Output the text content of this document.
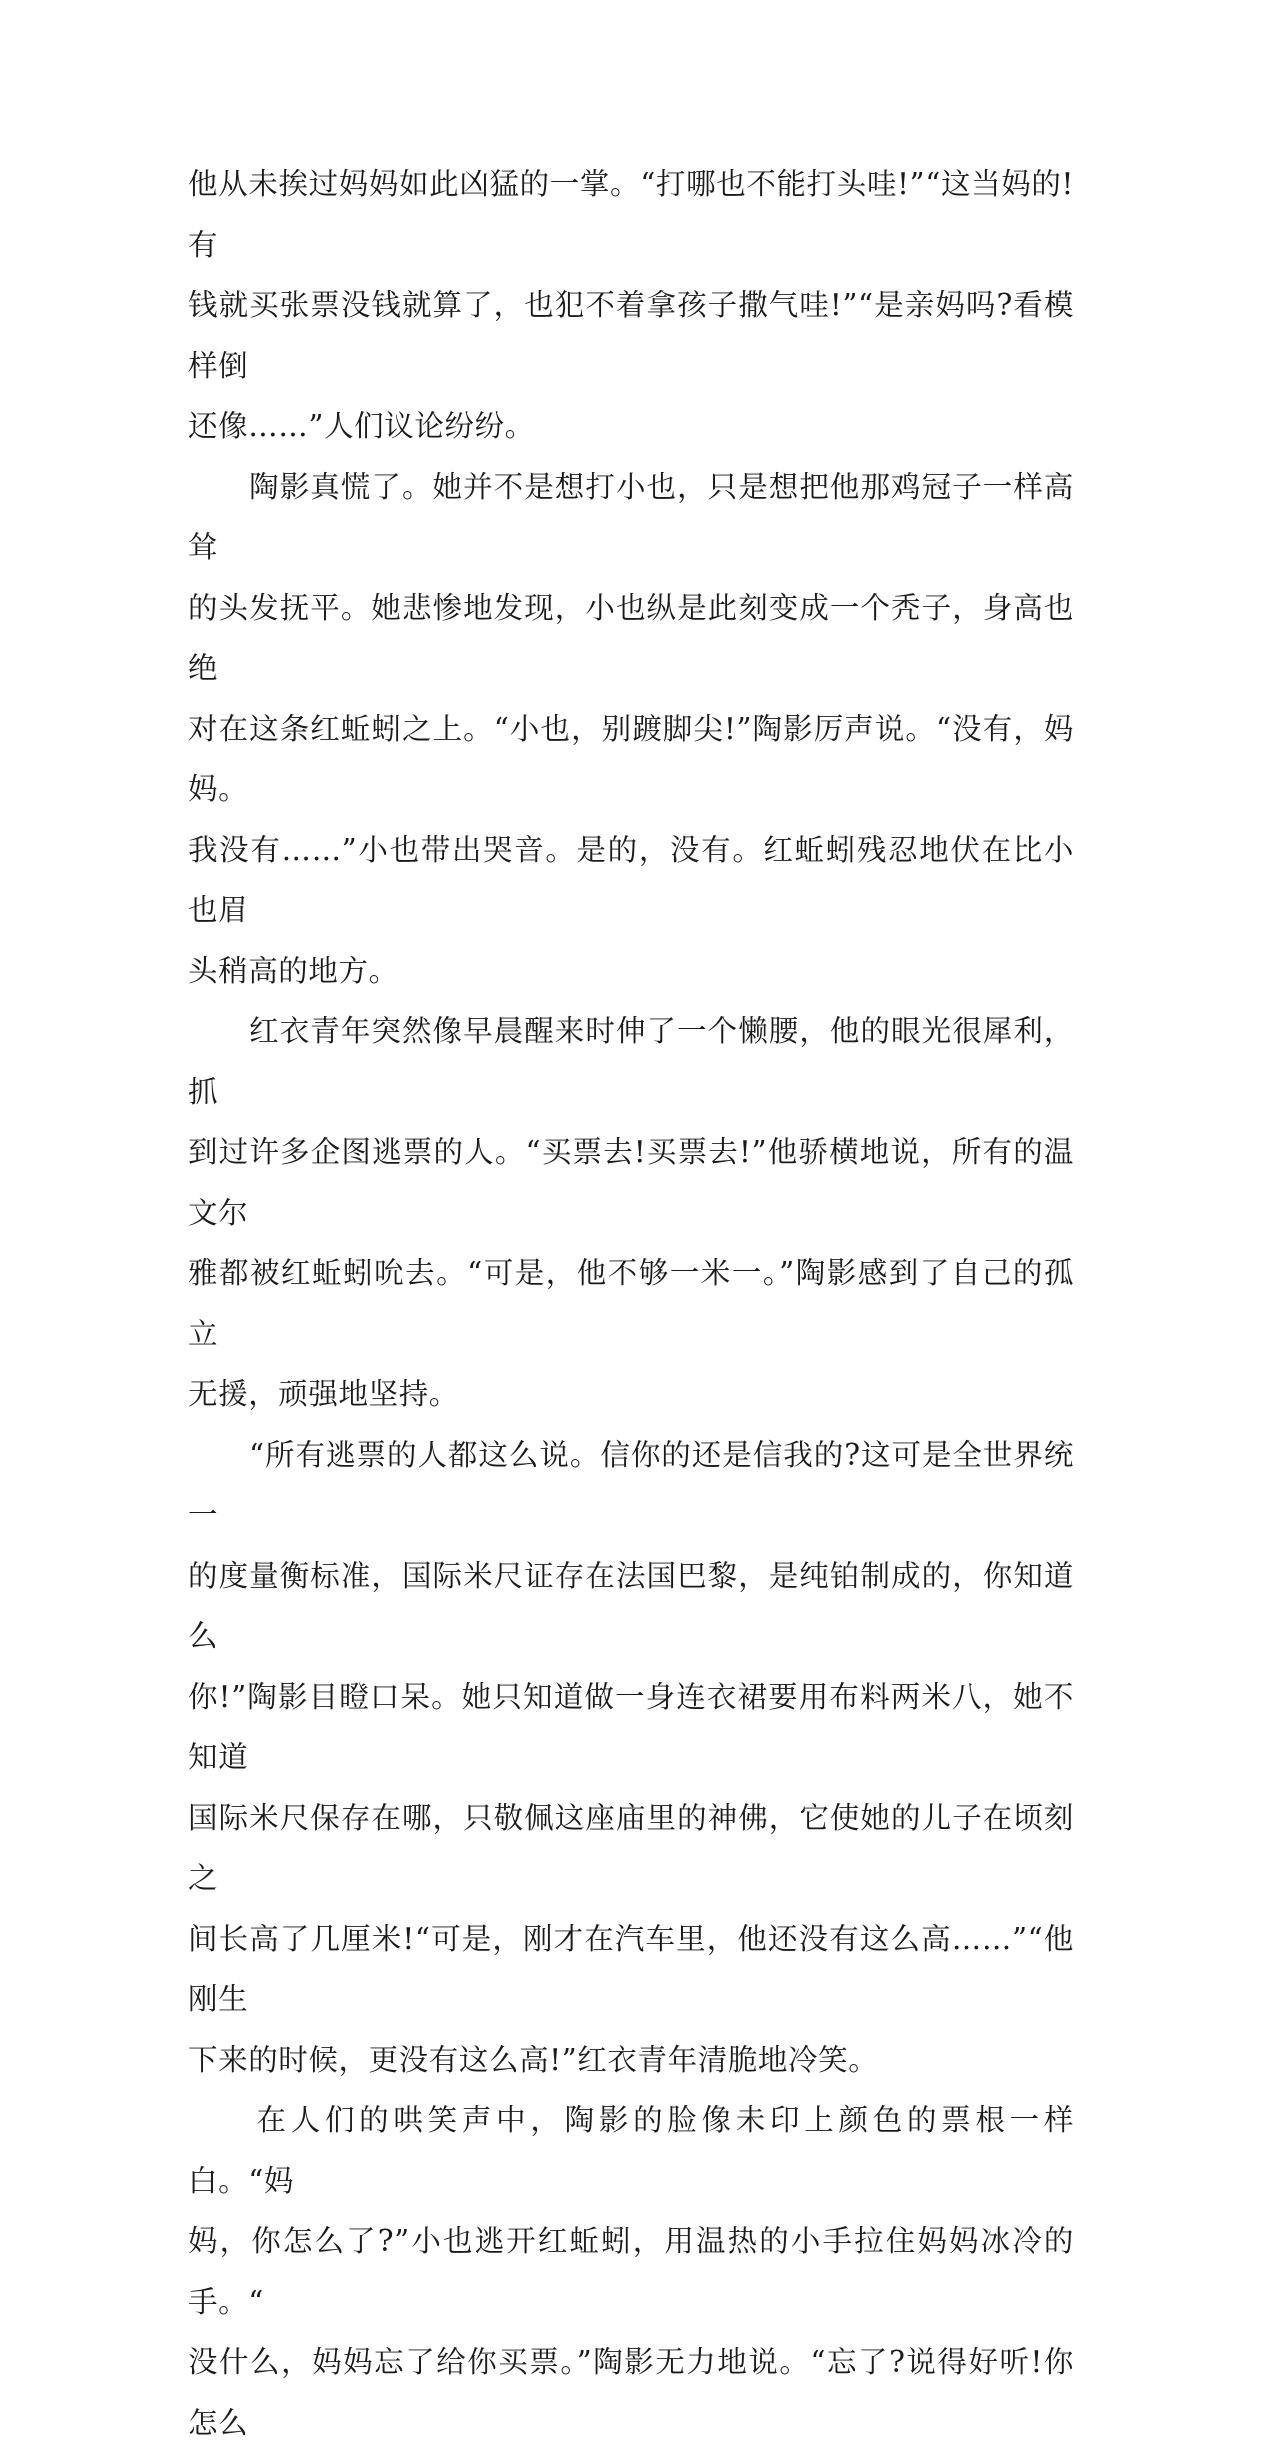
他从未挨过妈妈如此凶猛的一掌。“打哪也不能打头哇!”“这当妈的!有
钱就买张票没钱就算了，也犯不着拿孩子撒气哇!”“是亲妈吗?看模样倒
还像……”人们议论纷纷。

　　陶影真慌了。她并不是想打小也，只是想把他那鸡冠子一样高耸
的头发抚平。她悲惨地发现，小也纵是此刻变成一个秃子，身高也绝
对在这条红蚯蚓之上。“小也，别踱脚尖!”陶影厉声说。“没有，妈妈。
我没有……”小也带出哭音。是的，没有。红蚯蚓残忍地伏在比小也眉
头稍高的地方。

　　红衣青年突然像早晨醒来时伸了一个懒腰，他的眼光很犀利，抓
到过许多企图逃票的人。“买票去!买票去!”他骄横地说，所有的温文尔
雅都被红蚯蚓吮去。“可是，他不够一米一。”陶影感到了自己的孤立
无援，顽强地坚持。

　　“所有逃票的人都这么说。信你的还是信我的?这可是全世界统一
的度量衡标准，国际米尺证存在法国巴黎，是纯铂制成的，你知道么
你!”陶影目瞪口呆。她只知道做一身连衣裙要用布料两米八，她不知道
国际米尺保存在哪，只敬佩这座庙里的神佛，它使她的儿子在顷刻之
间长高了几厘米!“可是，刚才在汽车里，他还没有这么高……”“他刚生
下来的时候，更没有这么高!”红衣青年清脆地冷笑。

　　在人们的哄笑声中，陶影的脸像未印上颜色的票根一样白。“妈
妈，你怎么了?”小也逃开红蚯蚓，用温热的小手拉住妈妈冰冷的手。“
没什么，妈妈忘了给你买票。”陶影无力地说。“忘了?说得好听!你怎么
